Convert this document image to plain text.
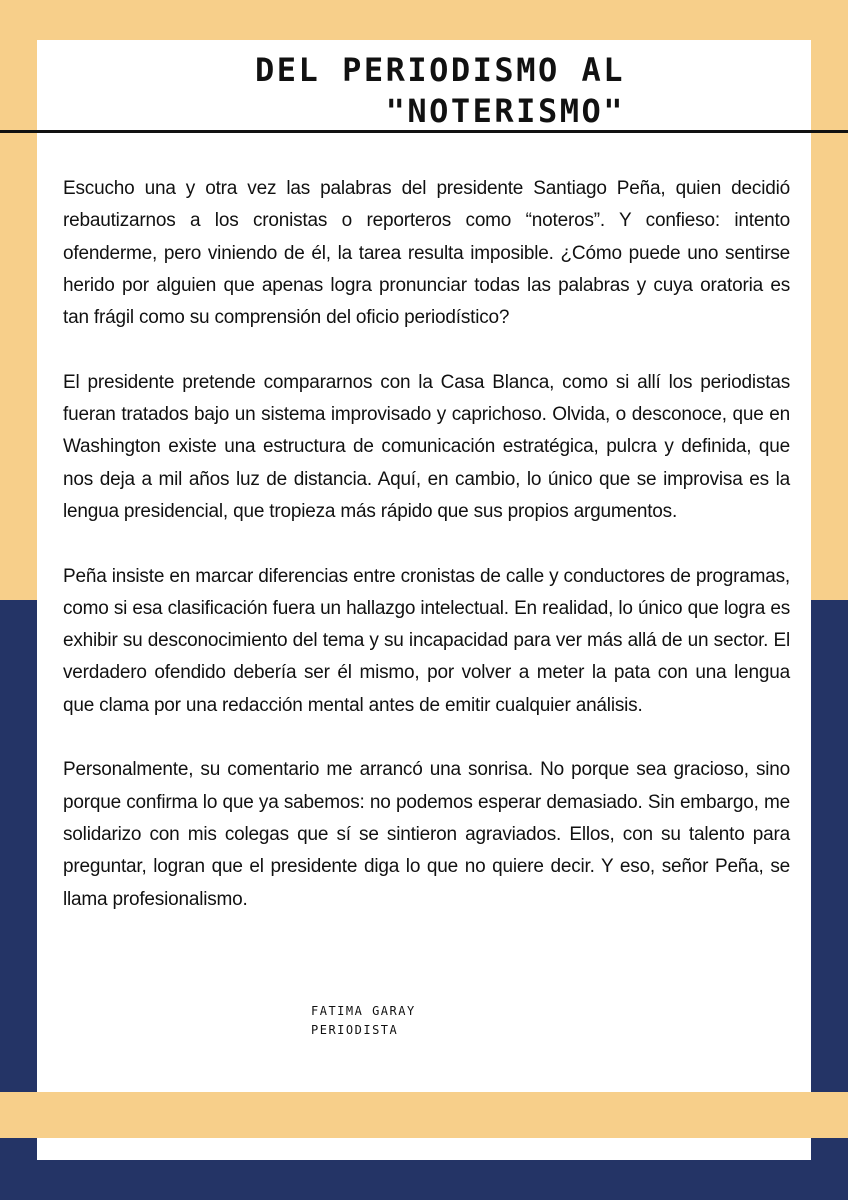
DEL PERIODISMO AL
"NOTERISMO"

Escucho una y otra vez las palabras del presidente Santiago Peña, quien decidió rebautizarnos a los cronistas o reporteros como “noteros”. Y confieso: intento ofenderme, pero viniendo de él, la tarea resulta imposible. ¿Cómo puede uno sentirse herido por alguien que apenas logra pronunciar todas las palabras y cuya oratoria es tan frágil como su comprensión del oficio periodístico?

El presidente pretende compararnos con la Casa Blanca, como si allí los periodistas fueran tratados bajo un sistema improvisado y caprichoso. Olvida, o desconoce, que en Washington existe una estructura de comunicación estratégica, pulcra y definida, que nos deja a mil años luz de distancia. Aquí, en cambio, lo único que se improvisa es la lengua presidencial, que tropieza más rápido que sus propios argumentos.

Peña insiste en marcar diferencias entre cronistas de calle y conductores de programas, como si esa clasificación fuera un hallazgo intelectual. En realidad, lo único que logra es exhibir su desconocimiento del tema y su incapacidad para ver más allá de un sector. El verdadero ofendido debería ser él mismo, por volver a meter la pata con una lengua que clama por una redacción mental antes de emitir cualquier análisis.

Personalmente, su comentario me arrancó una sonrisa. No porque sea gracioso, sino porque confirma lo que ya sabemos: no podemos esperar demasiado. Sin embargo, me solidarizo con mis colegas que sí se sintieron agraviados. Ellos, con su talento para preguntar, logran que el presidente diga lo que no quiere decir. Y eso, señor Peña, se llama profesionalismo.

FATIMA GARAY
PERIODISTA
